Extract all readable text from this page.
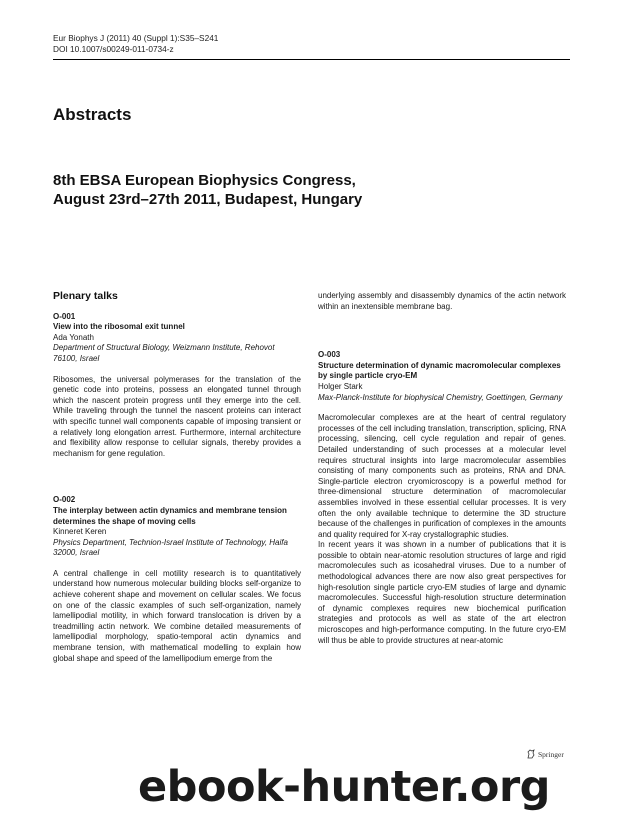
Eur Biophys J (2011) 40 (Suppl 1):S35–S241
DOI 10.1007/s00249-011-0734-z
Abstracts
8th EBSA European Biophysics Congress,
August 23rd–27th 2011, Budapest, Hungary
Plenary talks
O-001
View into the ribosomal exit tunnel
Ada Yonath
Department of Structural Biology, Weizmann Institute, Rehovot 76100, Israel
Ribosomes, the universal polymerases for the translation of the genetic code into proteins, possess an elongated tunnel through which the nascent protein progress until they emerge into the cell. While traveling through the tunnel the nascent proteins can interact with specific tunnel wall components capable of imposing transient or a relatively long elongation arrest. Furthermore, internal architecture and flexibility allow response to cellular signals, thereby provides a mechanism for gene regulation.
O-002
The interplay between actin dynamics and membrane tension determines the shape of moving cells
Kinneret Keren
Physics Department, Technion-Israel Institute of Technology, Haifa 32000, Israel
A central challenge in cell motility research is to quantitatively understand how numerous molecular building blocks self-organize to achieve coherent shape and movement on cellular scales. We focus on one of the classic examples of such self-organization, namely lamellipodial motility, in which forward translocation is driven by a treadmilling actin network. We combine detailed measurements of lamellipodial morphology, spatio-temporal actin dynamics and membrane tension, with mathematical modelling to explain how global shape and speed of the lamellipodium emerge from the
underlying assembly and disassembly dynamics of the actin network within an inextensible membrane bag.
O-003
Structure determination of dynamic macromolecular complexes by single particle cryo-EM
Holger Stark
Max-Planck-Institute for biophysical Chemistry, Goettingen, Germany
Macromolecular complexes are at the heart of central regulatory processes of the cell including translation, transcription, splicing, RNA processing, silencing, cell cycle regulation and repair of genes. Detailed understanding of such processes at a molecular level requires structural insights into large macromolecular assemblies consisting of many components such as proteins, RNA and DNA. Single-particle electron cryomicroscopy is a powerful method for three-dimensional structure determination of macromolecular assemblies involved in these essential cellular processes. It is very often the only available technique to determine the 3D structure because of the challenges in purification of complexes in the amounts and quality required for X-ray crystallographic studies.
In recent years it was shown in a number of publications that it is possible to obtain near-atomic resolution structures of large and rigid macromolecules such as icosahedral viruses. Due to a number of methodological advances there are now also great perspectives for high-resolution single particle cryo-EM studies of large and dynamic macromolecules. Successful high-resolution structure determination of dynamic complexes requires new biochemical purification strategies and protocols as well as state of the art electron microscopes and high-performance computing. In the future cryo-EM will thus be able to provide structures at near-atomic
Springer
ebook-hunter.org
